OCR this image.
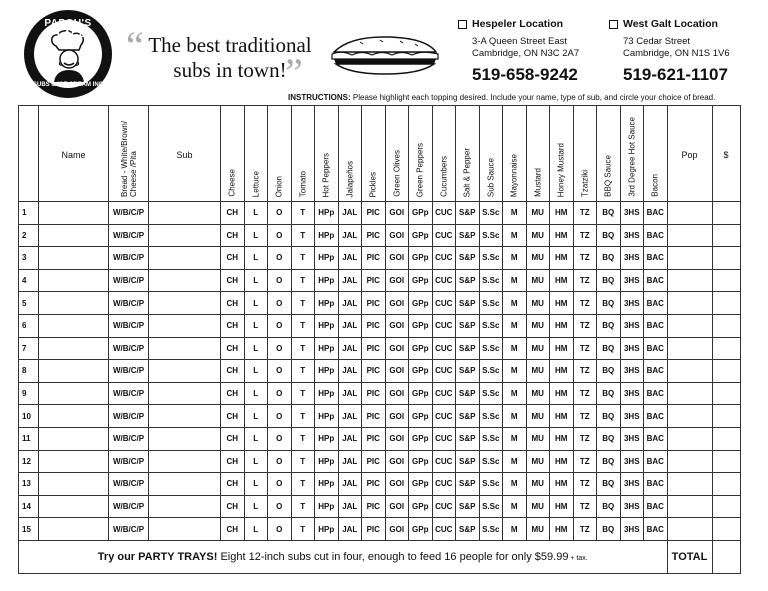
PAPOU'S PLACE
SUBS & ICE CREAM INC
“ The best traditional subs in town!
”
Hespeler Location
3-A Queen Street East
Cambridge, ON N3C 2A7
519-658-9242
West Galt Location
73 Cedar Street
Cambridge, ON N1S 1V6
519-621-1107
INSTRUCTIONS: Please highlight each topping desired. Include your name, type of sub, and circle your choice of bread.
	Name	Bread - White/Brown/ Cheese /Pita	Sub	Cheese	Lettuce	Onion	Tomato	Hot Peppers	Jalapeños	Pickles	Green Olives	Green Peppers	Cucumbers	Salt & Pepper	Sub Sauce	Mayonnaise	Mustard	Honey Mustard	Tzatziki	BBQ Sauce	3rd Degree Hot Sauce	Bacon	Pop	$
1		W/B/C/P		CH	L	O	T	HPp	JAL	PIC	GOl	GPp	CUC	S&P	S.Sc	M	MU	HM	TZ	BQ	3HS	BAC		
2		W/B/C/P		CH	L	O	T	HPp	JAL	PIC	GOl	GPp	CUC	S&P	S.Sc	M	MU	HM	TZ	BQ	3HS	BAC		
3		W/B/C/P		CH	L	O	T	HPp	JAL	PIC	GOl	GPp	CUC	S&P	S.Sc	M	MU	HM	TZ	BQ	3HS	BAC		
4		W/B/C/P		CH	L	O	T	HPp	JAL	PIC	GOl	GPp	CUC	S&P	S.Sc	M	MU	HM	TZ	BQ	3HS	BAC		
5		W/B/C/P		CH	L	O	T	HPp	JAL	PIC	GOl	GPp	CUC	S&P	S.Sc	M	MU	HM	TZ	BQ	3HS	BAC		
6		W/B/C/P		CH	L	O	T	HPp	JAL	PIC	GOl	GPp	CUC	S&P	S.Sc	M	MU	HM	TZ	BQ	3HS	BAC		
7		W/B/C/P		CH	L	O	T	HPp	JAL	PIC	GOl	GPp	CUC	S&P	S.Sc	M	MU	HM	TZ	BQ	3HS	BAC		
8		W/B/C/P		CH	L	O	T	HPp	JAL	PIC	GOl	GPp	CUC	S&P	S.Sc	M	MU	HM	TZ	BQ	3HS	BAC		
9		W/B/C/P		CH	L	O	T	HPp	JAL	PIC	GOl	GPp	CUC	S&P	S.Sc	M	MU	HM	TZ	BQ	3HS	BAC		
10		W/B/C/P		CH	L	O	T	HPp	JAL	PIC	GOl	GPp	CUC	S&P	S.Sc	M	MU	HM	TZ	BQ	3HS	BAC		
11		W/B/C/P		CH	L	O	T	HPp	JAL	PIC	GOl	GPp	CUC	S&P	S.Sc	M	MU	HM	TZ	BQ	3HS	BAC		
12		W/B/C/P		CH	L	O	T	HPp	JAL	PIC	GOl	GPp	CUC	S&P	S.Sc	M	MU	HM	TZ	BQ	3HS	BAC		
13		W/B/C/P		CH	L	O	T	HPp	JAL	PIC	GOl	GPp	CUC	S&P	S.Sc	M	MU	HM	TZ	BQ	3HS	BAC		
14		W/B/C/P		CH	L	O	T	HPp	JAL	PIC	GOl	GPp	CUC	S&P	S.Sc	M	MU	HM	TZ	BQ	3HS	BAC		
15		W/B/C/P		CH	L	O	T	HPp	JAL	PIC	GOl	GPp	CUC	S&P	S.Sc	M	MU	HM	TZ	BQ	3HS	BAC		
Try our PARTY TRAYS! Eight 12-inch subs cut in four, enough to feed 16 people for only $59.99 + tax.																							TOTAL	
